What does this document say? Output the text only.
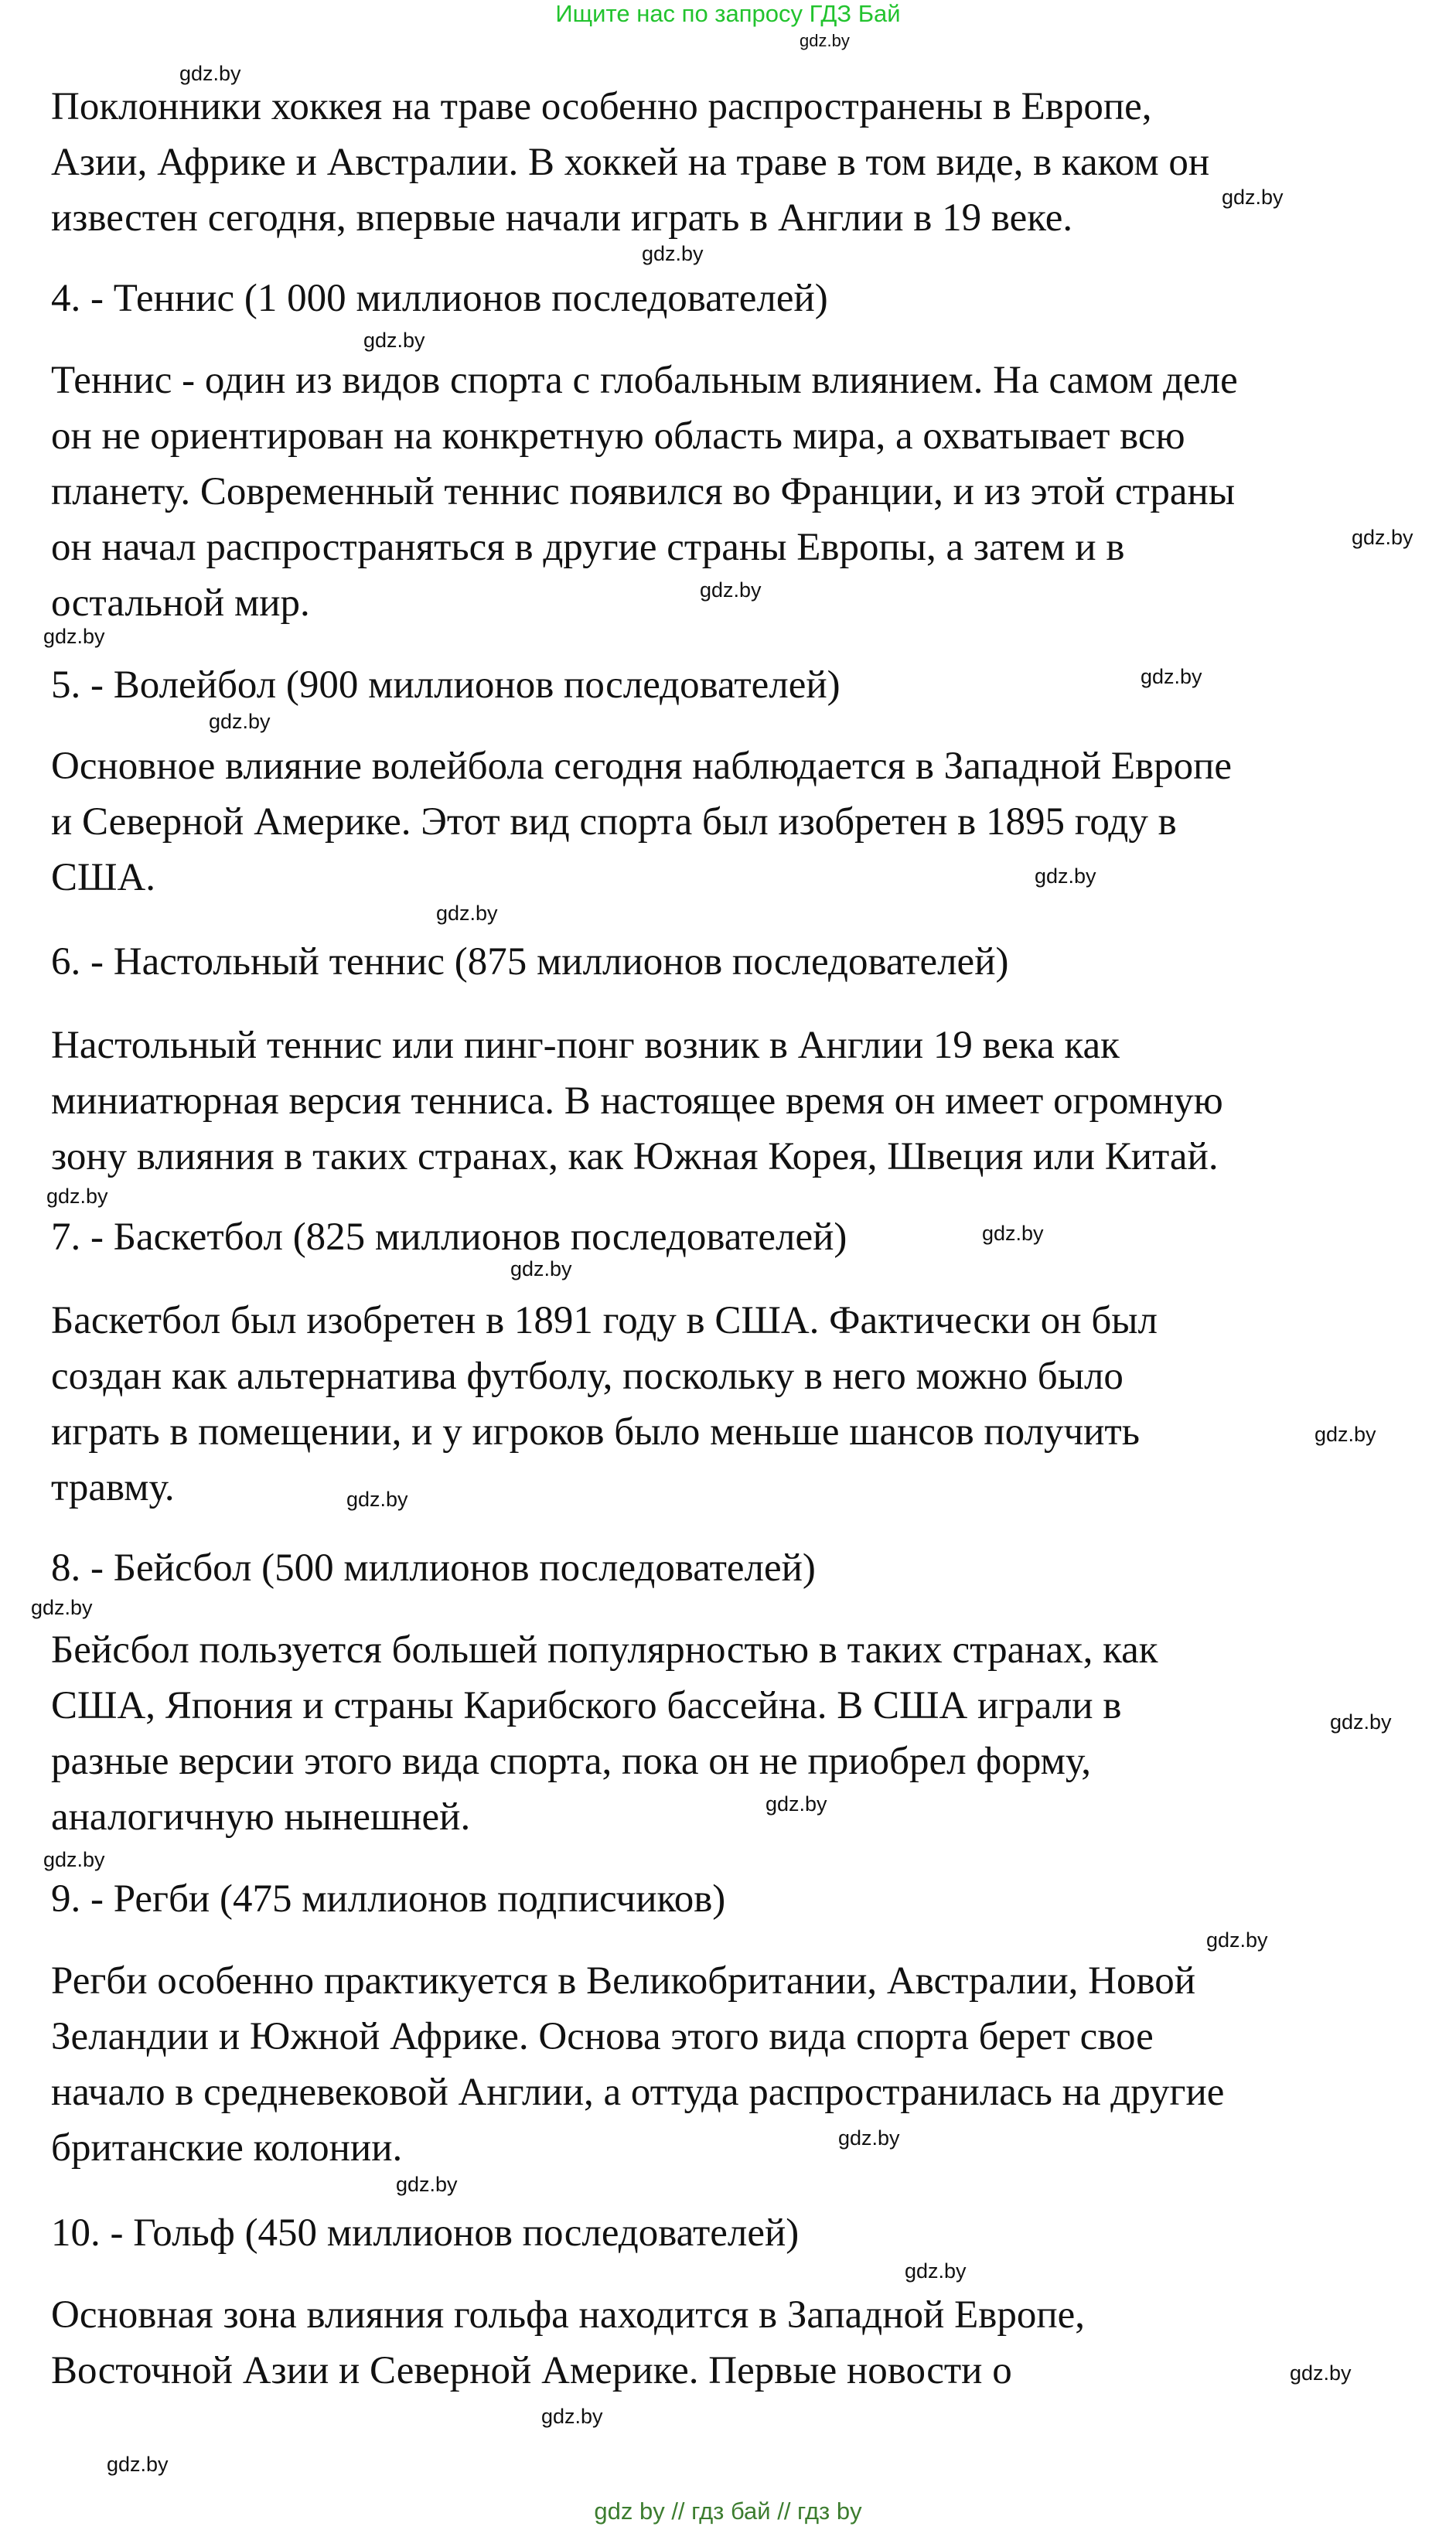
Ищите нас по запросу ГДЗ Бай
gdz.by
gdz.by
gdz.by
gdz.by
gdz.by
gdz.by
gdz.by
gdz.by
gdz.by
gdz.by
gdz.by
gdz.by
gdz.by
gdz.by
gdz.by
gdz.by
gdz.by
gdz.by
gdz.by
gdz.by
gdz.by
gdz.by
gdz.by
gdz.by
gdz.by
gdz.by
gdz.by
gdz.by
Поклонники хоккея на траве особенно распространены в Европе,
Азии, Африке и Австралии. В хоккей на траве в том виде, в каком он
известен сегодня, впервые начали играть в Англии в 19 веке.
4. - Теннис (1 000 миллионов последователей)
Теннис - один из видов спорта с глобальным влиянием. На самом деле
он не ориентирован на конкретную область мира, а охватывает всю
планету. Современный теннис появился во Франции, и из этой страны
он начал распространяться в другие страны Европы, а затем и в
остальной мир.
5. - Волейбол (900 миллионов последователей)
Основное влияние волейбола сегодня наблюдается в Западной Европе
и Северной Америке. Этот вид спорта был изобретен в 1895 году в
США.
6. - Настольный теннис (875 миллионов последователей)
Настольный теннис или пинг-понг возник в Англии 19 века как
миниатюрная версия тенниса. В настоящее время он имеет огромную
зону влияния в таких странах, как Южная Корея, Швеция или Китай.
7. - Баскетбол (825 миллионов последователей)
Баскетбол был изобретен в 1891 году в США. Фактически он был
создан как альтернатива футболу, поскольку в него можно было
играть в помещении, и у игроков было меньше шансов получить
травму.
8. - Бейсбол (500 миллионов последователей)
Бейсбол пользуется большей популярностью в таких странах, как
США, Япония и страны Карибского бассейна. В США играли в
разные версии этого вида спорта, пока он не приобрел форму,
аналогичную нынешней.
9. - Регби (475 миллионов подписчиков)
Регби особенно практикуется в Великобритании, Австралии, Новой
Зеландии и Южной Африке. Основа этого вида спорта берет свое
начало в средневековой Англии, а оттуда распространилась на другие
британские колонии.
10. - Гольф (450 миллионов последователей)
Основная зона влияния гольфа находится в Западной Европе,
Восточной Азии и Северной Америке. Первые новости о
gdz by // гдз бай // гдз by
